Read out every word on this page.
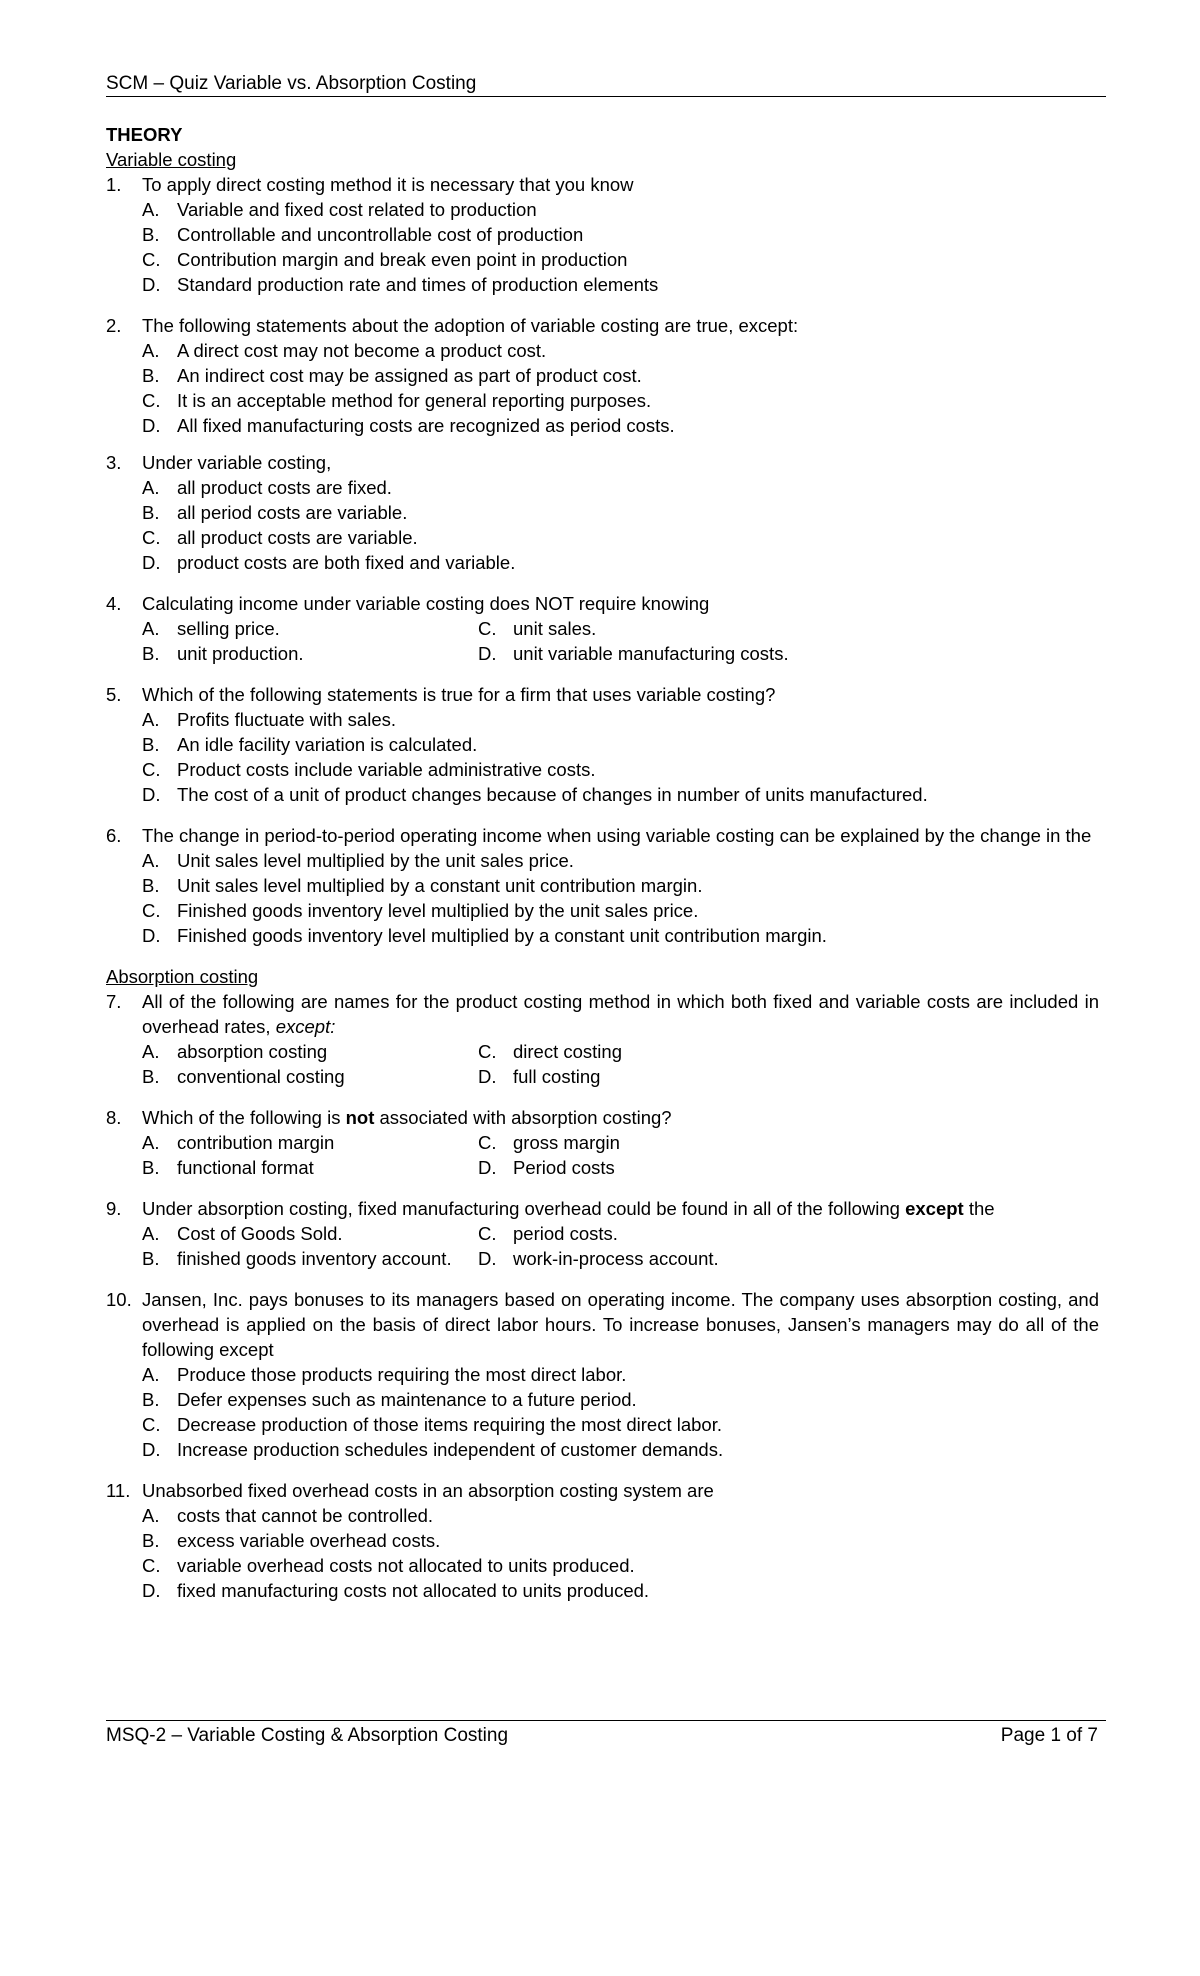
SCM – Quiz Variable vs. Absorption Costing
THEORY
Variable costing
1.	To apply direct costing method it is necessary that you know
A. Variable and fixed cost related to production
B. Controllable and uncontrollable cost of production
C. Contribution margin and break even point in production
D. Standard production rate and times of production elements
2.	The following statements about the adoption of variable costing are true, except:
A. A direct cost may not become a product cost.
B. An indirect cost may be assigned as part of product cost.
C. It is an acceptable method for general reporting purposes.
D. All fixed manufacturing costs are recognized as period costs.
3.	Under variable costing,
A. all product costs are fixed.
B. all period costs are variable.
C. all product costs are variable.
D. product costs are both fixed and variable.
4.	Calculating income under variable costing does NOT require knowing
A. selling price.	C. unit sales.
B. unit production.	D. unit variable manufacturing costs.
5.	Which of the following statements is true for a firm that uses variable costing?
A. Profits fluctuate with sales.
B. An idle facility variation is calculated.
C. Product costs include variable administrative costs.
D. The cost of a unit of product changes because of changes in number of units manufactured.
6.	The change in period-to-period operating income when using variable costing can be explained by the change in the
A. Unit sales level multiplied by the unit sales price.
B. Unit sales level multiplied by a constant unit contribution margin.
C. Finished goods inventory level multiplied by the unit sales price.
D. Finished goods inventory level multiplied by a constant unit contribution margin.
Absorption costing
7.	All of the following are names for the product costing method in which both fixed and variable costs are included in overhead rates, except:
A. absorption costing	C. direct costing
B. conventional costing	D. full costing
8.	Which of the following is not associated with absorption costing?
A. contribution margin	C. gross margin
B. functional format	D. Period costs
9.	Under absorption costing, fixed manufacturing overhead could be found in all of the following except the
A. Cost of Goods Sold.	C. period costs.
B. finished goods inventory account.	D. work-in-process account.
10. Jansen, Inc. pays bonuses to its managers based on operating income. The company uses absorption costing, and overhead is applied on the basis of direct labor hours. To increase bonuses, Jansen’s managers may do all of the following except
A. Produce those products requiring the most direct labor.
B. Defer expenses such as maintenance to a future period.
C. Decrease production of those items requiring the most direct labor.
D. Increase production schedules independent of customer demands.
11. Unabsorbed fixed overhead costs in an absorption costing system are
A. costs that cannot be controlled.
B. excess variable overhead costs.
C. variable overhead costs not allocated to units produced.
D. fixed manufacturing costs not allocated to units produced.
MSQ-2 – Variable Costing & Absorption Costing	Page 1 of 7
